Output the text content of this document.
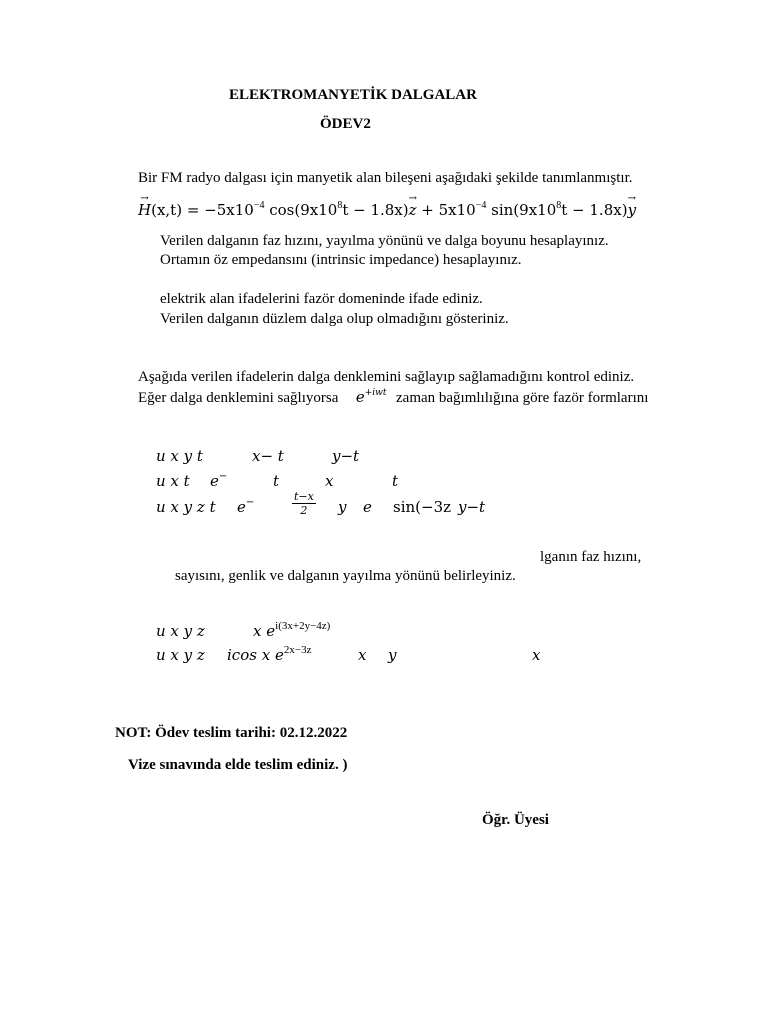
ELEKTROMANYETİK DALGALAR
ÖDEV2
Bir FM radyo dalgası için manyetik alan bileşeni aşağıdaki şekilde tanımlanmıştır.
→ $H(x,t) = -5x10^{-4}$ $\cos(9x10^8t - 1.8x)\to z + 5x10^{-4}$ $\sin(9x10^8t - 1.8x)\to y$
Verilen dalganın faz hızını, yayılma yönünü ve dalga boyunu hesaplayınız.
Ortamın öz empedansını (intrinsic impedance) hesaplayınız.
elektrik alan ifadelerini fazör domeninde ifade ediniz.
Verilen dalganın düzlem dalga olup olmadığını gösteriniz.
Aşağıda verilen ifadelerin dalga denklemini sağlayıp sağlamadığını kontrol ediniz.
Eğer dalga denklemini sağlıyorsa $e^{+iwt}$ zaman bağımlılığına göre fazör formlarını
u x y t	x− t	y−t
u x t e−	t	x	t
u x y z t e−	$\frac{t-x}{2}$ y e sin(−3z y−t
lganın faz hızını,
sayısını, genlik ve dalganın yayılma yönünü belirleyiniz.
u x y z	x $e^{i(3x+2y-4z)}$
u x y z icos x $e^{2x-3z}$	x y	x
NOT: Ödev teslim tarihi: 02.12.2022
Vize sınavında elde teslim ediniz. )
Öğr. Üyesi
